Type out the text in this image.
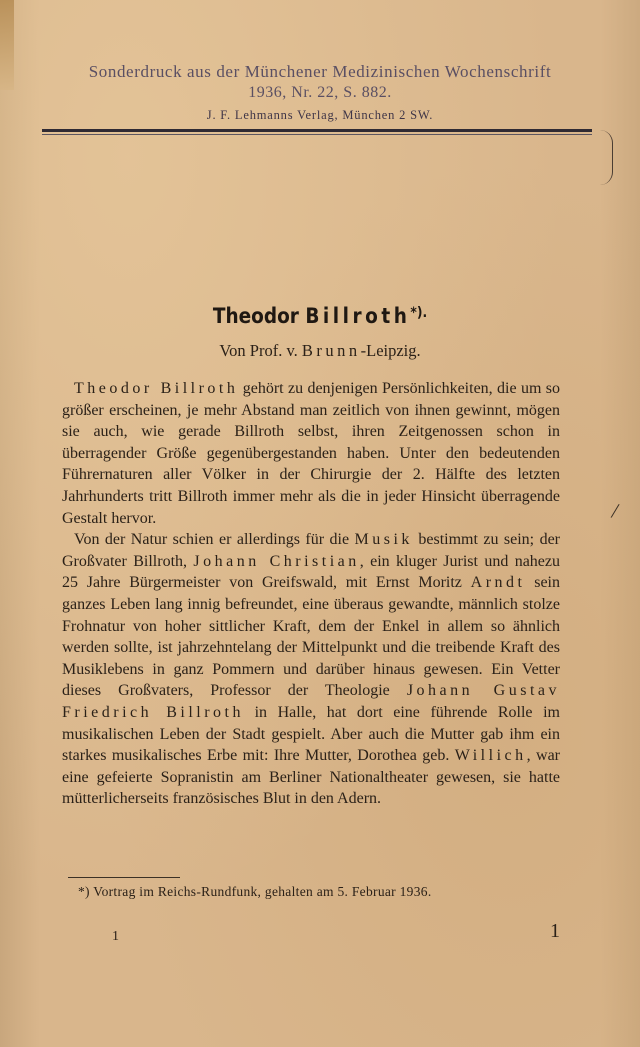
Sonderdruck aus der Münchener Medizinischen Wochenschrift
1936, Nr. 22, S. 882.
J. F. Lehmanns Verlag, München 2 SW.
/
Theodor Billroth*).
Von Prof. v. Brunn-Leipzig.

Theodor Billroth gehört zu denjenigen Persönlichkeiten, die um so größer erscheinen, je mehr Abstand man zeitlich von ihnen gewinnt, mögen sie auch, wie gerade Billroth selbst, ihren Zeitgenossen schon in überragender Größe gegenübergestanden haben. Unter den bedeutenden Führernaturen aller Völker in der Chirurgie der 2. Hälfte des letzten Jahrhunderts tritt Billroth immer mehr als die in jeder Hinsicht überragende Gestalt hervor.

Von der Natur schien er allerdings für die Musik bestimmt zu sein; der Großvater Billroth, Johann Christian, ein kluger Jurist und nahezu 25 Jahre Bürgermeister von Greifswald, mit Ernst Moritz Arndt sein ganzes Leben lang innig befreundet, eine überaus gewandte, männlich stolze Frohnatur von hoher sittlicher Kraft, dem der Enkel in allem so ähnlich werden sollte, ist jahrzehntelang der Mittelpunkt und die treibende Kraft des Musiklebens in ganz Pommern und darüber hinaus gewesen. Ein Vetter dieses Großvaters, Professor der Theologie Johann Gustav Friedrich Billroth in Halle, hat dort eine führende Rolle im musikalischen Leben der Stadt gespielt. Aber auch die Mutter gab ihm ein starkes musikalisches Erbe mit: Ihre Mutter, Dorothea geb. Willich, war eine gefeierte Sopranistin am Berliner Nationaltheater gewesen, sie hatte mütterlicherseits französisches Blut in den Adern.

*) Vortrag im Reichs-Rundfunk, gehalten am 5. Februar 1936.
1	1
